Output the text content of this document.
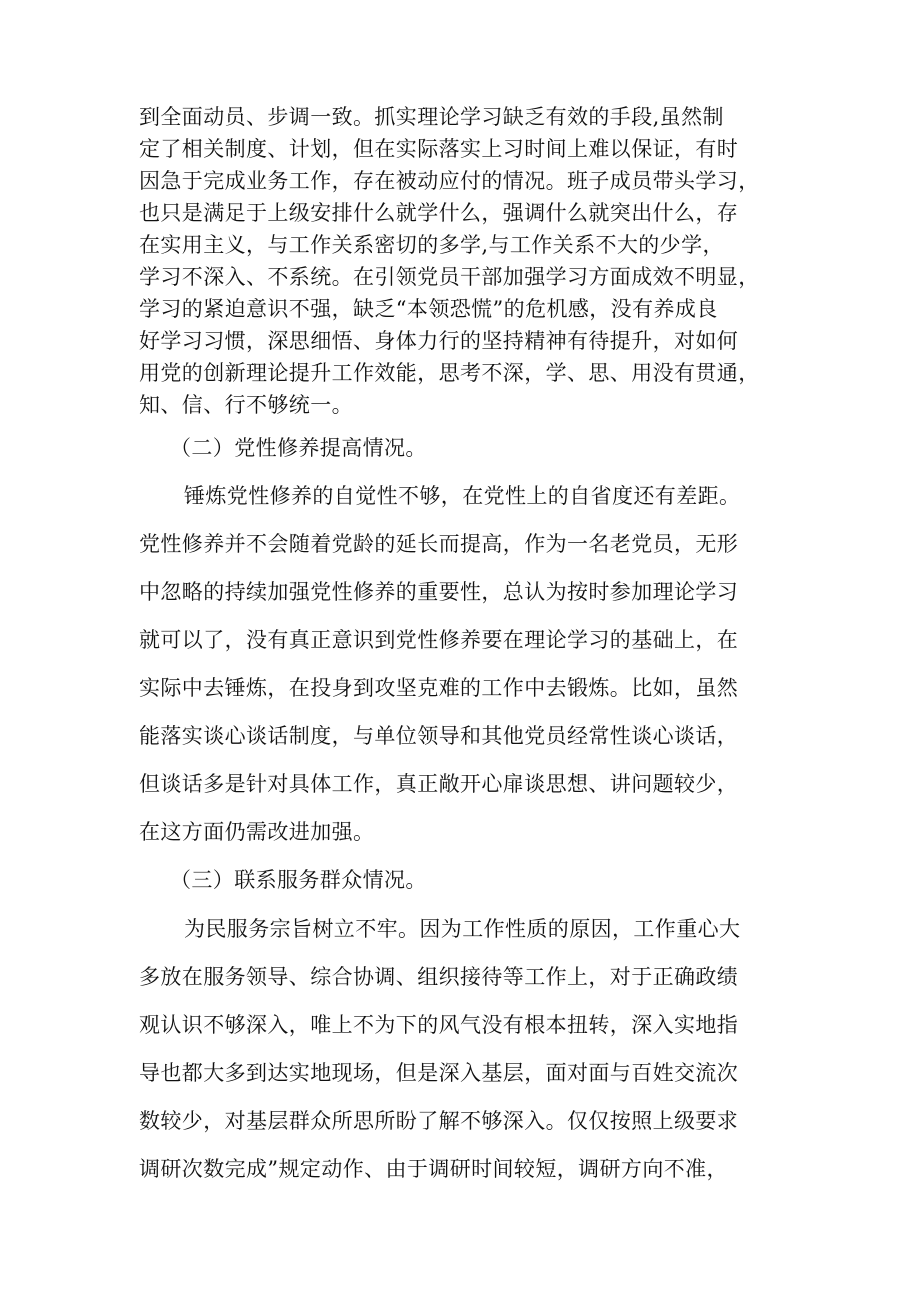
到全面动员、步调一致。抓实理论学习缺乏有效的手段,虽然制

定了相关制度、计划，但在实际落实上习时间上难以保证，有时

因急于完成业务工作，存在被动应付的情况。班子成员带头学习，

也只是满足于上级安排什么就学什么，强调什么就突出什么，存

在实用主义，与工作关系密切的多学,与工作关系不大的少学，

学习不深入、不系统。在引领党员干部加强学习方面成效不明显，

学习的紧迫意识不强，缺乏“本领恐慌”的危机感，没有养成良

好学习习惯，深思细悟、身体力行的坚持精神有待提升，对如何

用党的创新理论提升工作效能，思考不深，学、思、用没有贯通，

知、信、行不够统一。

（二）党性修养提高情况。

锤炼党性修养的自觉性不够，在党性上的自省度还有差距。

党性修养并不会随着党龄的延长而提高，作为一名老党员，无形

中忽略的持续加强党性修养的重要性，总认为按时参加理论学习

就可以了，没有真正意识到党性修养要在理论学习的基础上，在

实际中去锤炼，在投身到攻坚克难的工作中去锻炼。比如，虽然

能落实谈心谈话制度，与单位领导和其他党员经常性谈心谈话，

但谈话多是针对具体工作，真正敞开心扉谈思想、讲问题较少，

在这方面仍需改进加强。

（三）联系服务群众情况。

为民服务宗旨树立不牢。因为工作性质的原因，工作重心大

多放在服务领导、综合协调、组织接待等工作上，对于正确政绩

观认识不够深入，唯上不为下的风气没有根本扭转，深入实地指

导也都大多到达实地现场，但是深入基层，面对面与百姓交流次

数较少，对基层群众所思所盼了解不够深入。仅仅按照上级要求

调研次数完成”规定动作、由于调研时间较短，调研方向不准，
